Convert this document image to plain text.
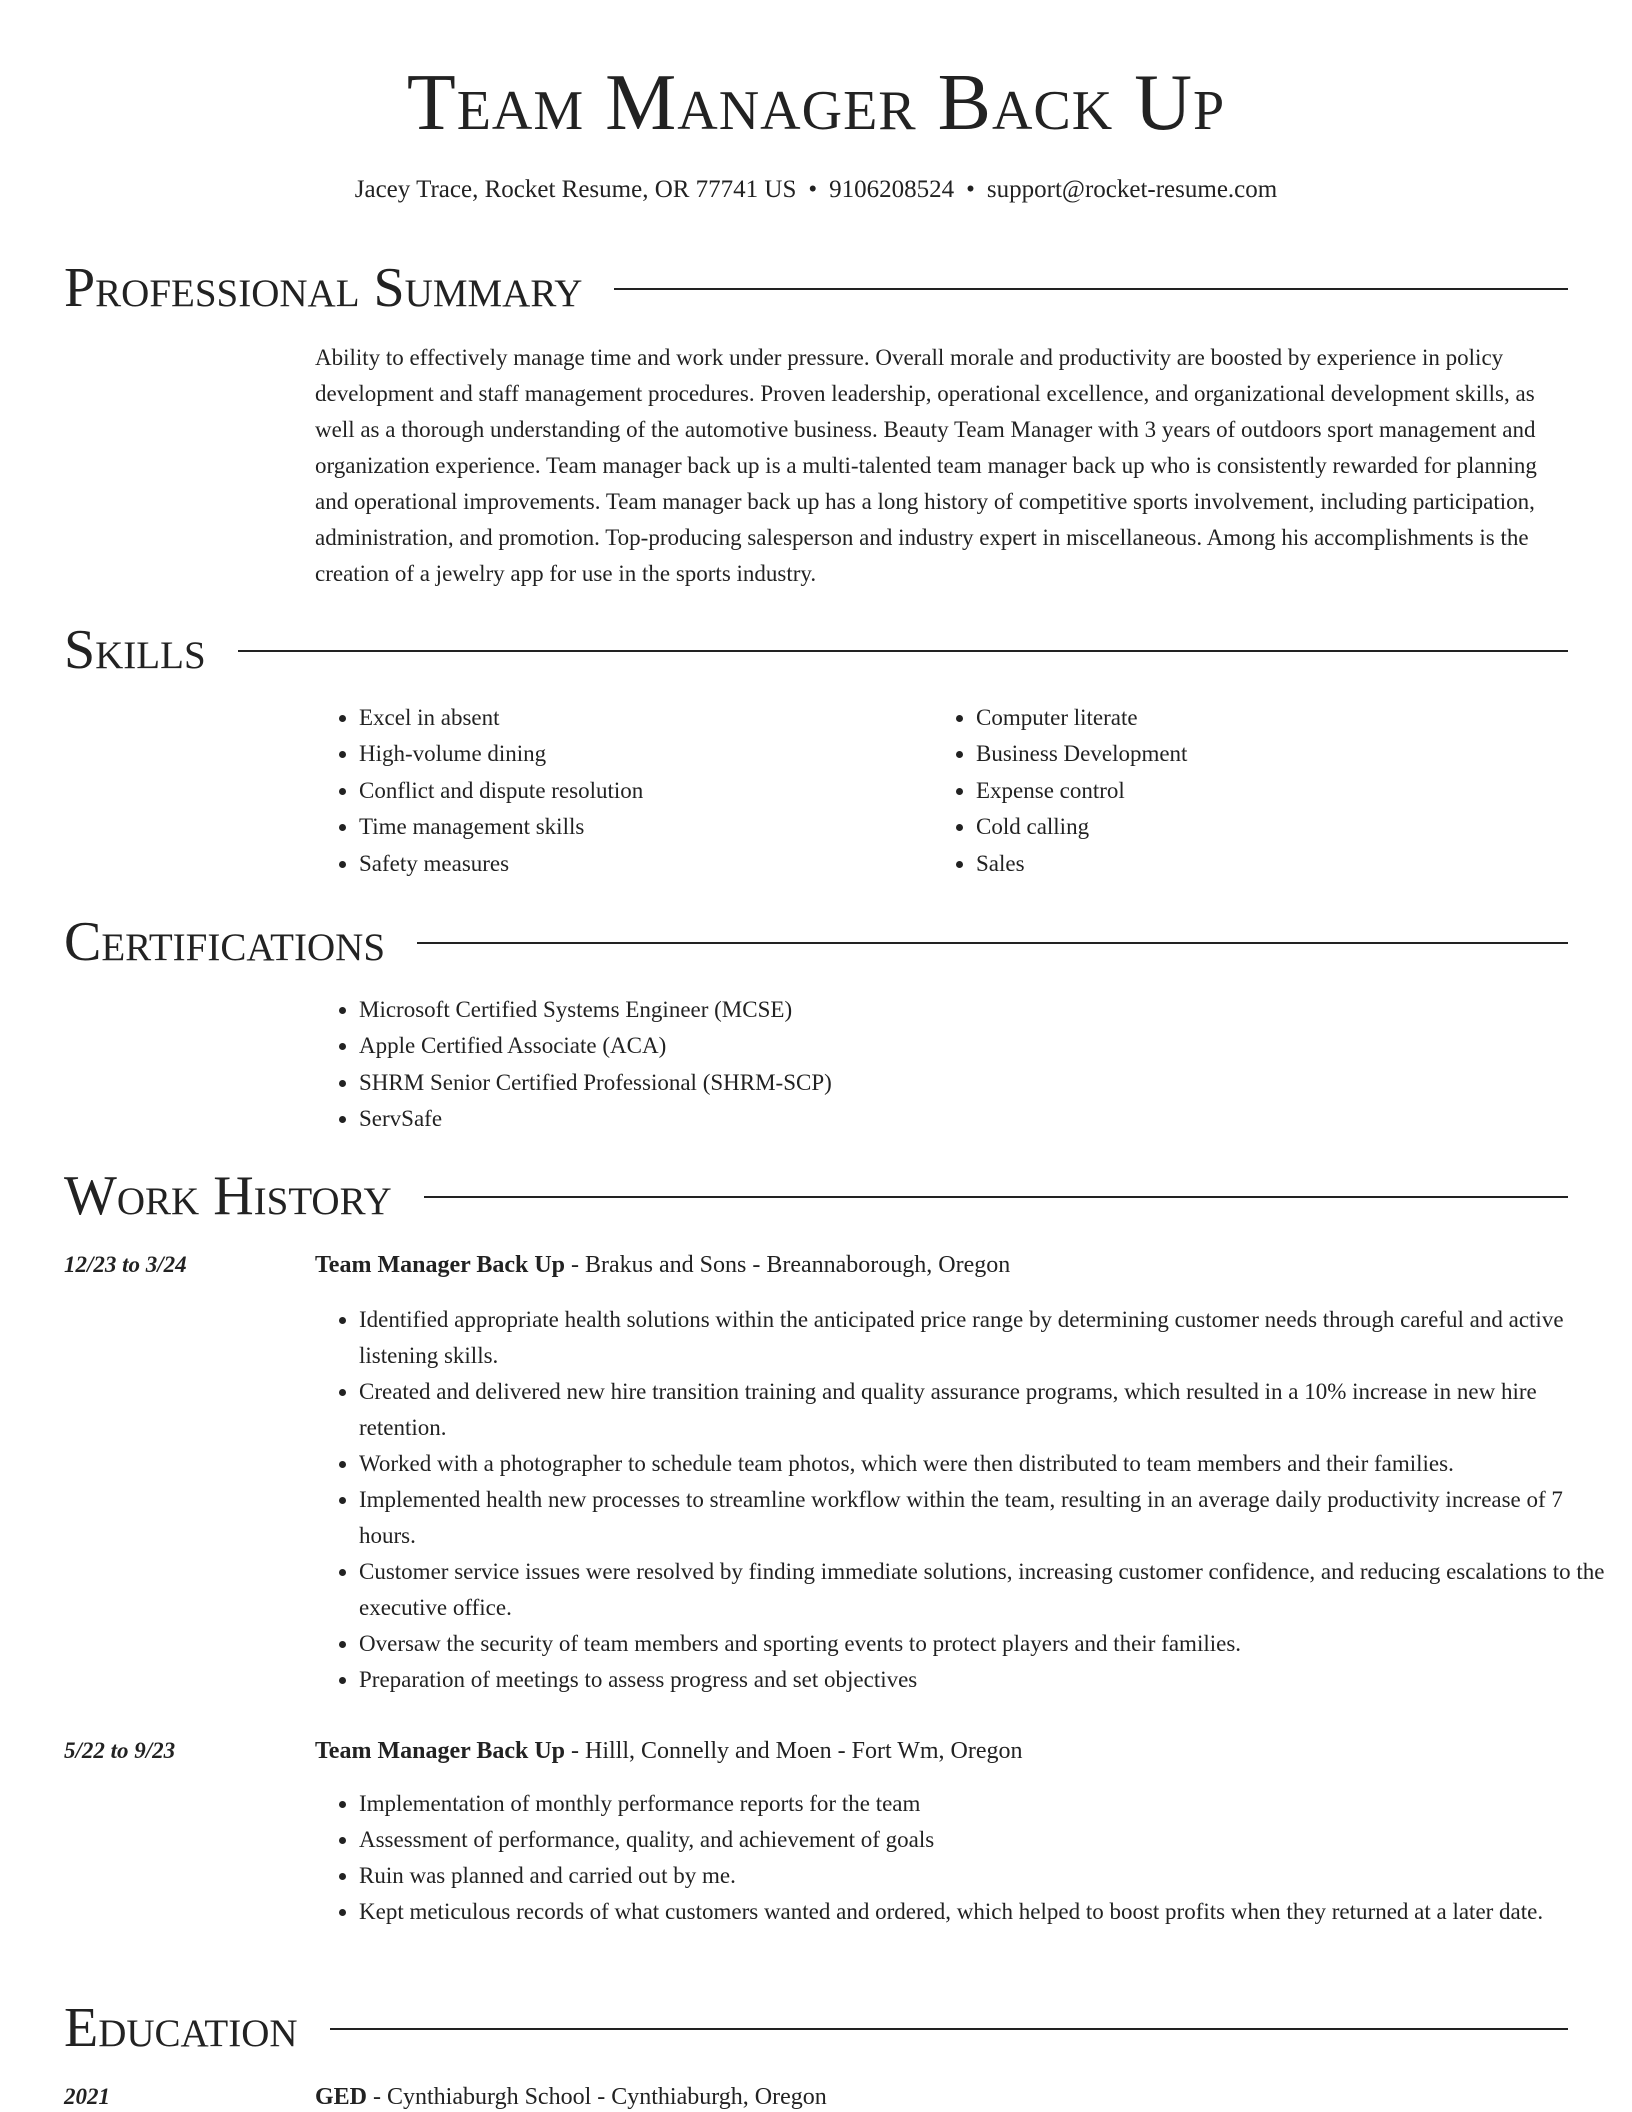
Team Manager Back Up
Jacey Trace, Rocket Resume, OR 77741 US • 9106208524 • support@rocket-resume.com
Professional Summary
Ability to effectively manage time and work under pressure. Overall morale and productivity are boosted by experience in policy development and staff management procedures. Proven leadership, operational excellence, and organizational development skills, as well as a thorough understanding of the automotive business. Beauty Team Manager with 3 years of outdoors sport management and organization experience. Team manager back up is a multi-talented team manager back up who is consistently rewarded for planning and operational improvements. Team manager back up has a long history of competitive sports involvement, including participation, administration, and promotion. Top-producing salesperson and industry expert in miscellaneous. Among his accomplishments is the creation of a jewelry app for use in the sports industry.
Skills
• Excel in absent
• High-volume dining
• Conflict and dispute resolution
• Time management skills
• Safety measures
• Computer literate
• Business Development
• Expense control
• Cold calling
• Sales
Certifications
• Microsoft Certified Systems Engineer (MCSE)
• Apple Certified Associate (ACA)
• SHRM Senior Certified Professional (SHRM-SCP)
• ServSafe
Work History
12/23 to 3/24	Team Manager Back Up - Brakus and Sons - Breannaborough, Oregon
• Identified appropriate health solutions within the anticipated price range by determining customer needs through careful and active listening skills.
• Created and delivered new hire transition training and quality assurance programs, which resulted in a 10% increase in new hire retention.
• Worked with a photographer to schedule team photos, which were then distributed to team members and their families.
• Implemented health new processes to streamline workflow within the team, resulting in an average daily productivity increase of 7 hours.
• Customer service issues were resolved by finding immediate solutions, increasing customer confidence, and reducing escalations to the executive office.
• Oversaw the security of team members and sporting events to protect players and their families.
• Preparation of meetings to assess progress and set objectives
5/22 to 9/23	Team Manager Back Up - Hilll, Connelly and Moen - Fort Wm, Oregon
• Implementation of monthly performance reports for the team
• Assessment of performance, quality, and achievement of goals
• Ruin was planned and carried out by me.
• Kept meticulous records of what customers wanted and ordered, which helped to boost profits when they returned at a later date.
Education
2021	GED - Cynthiaburgh School - Cynthiaburgh, Oregon
